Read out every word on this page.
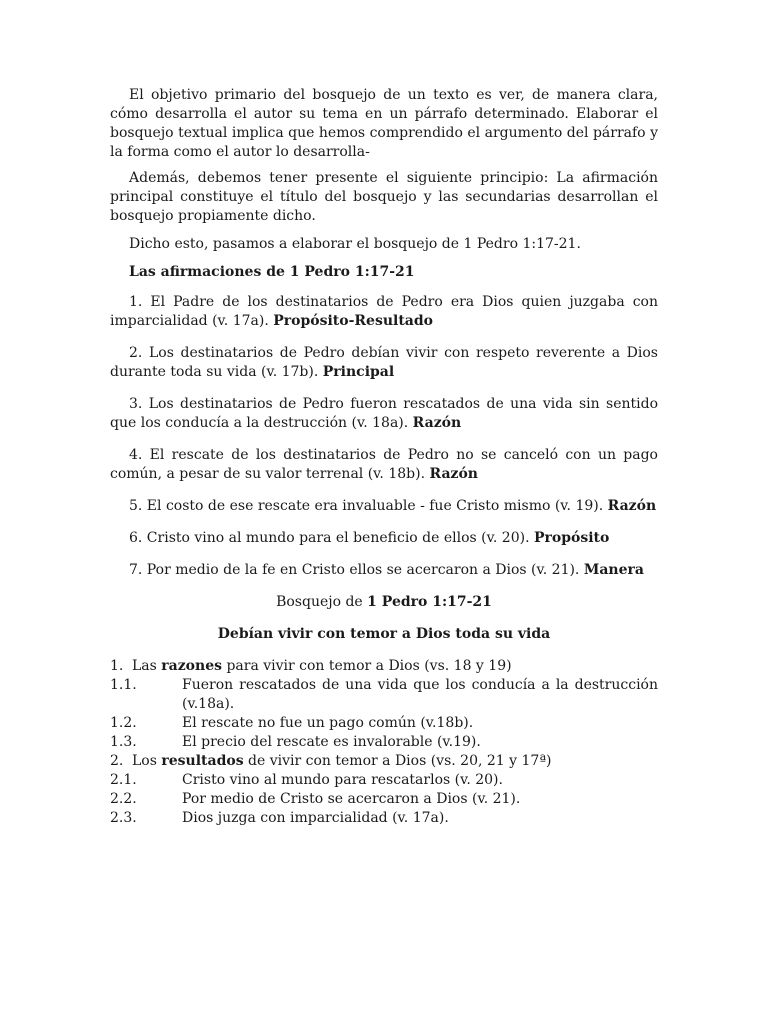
El objetivo primario del bosquejo de un texto es ver, de manera clara, cómo desarrolla el autor su tema en un párrafo determinado. Elaborar el bosquejo textual implica que hemos comprendido el argumento del párrafo y la forma como el autor lo desarrolla-

Además, debemos tener presente el siguiente principio: La afirmación principal constituye el título del bosquejo y las secundarias desarrollan el bosquejo propiamente dicho.

Dicho esto, pasamos a elaborar el bosquejo de 1 Pedro 1:17-21.

Las afirmaciones de 1 Pedro 1:17-21

1. El Padre de los destinatarios de Pedro era Dios quien juzgaba con imparcialidad (v. 17a). Propósito-Resultado

2. Los destinatarios de Pedro debían vivir con respeto reverente a Dios durante toda su vida (v. 17b). Principal

3. Los destinatarios de Pedro fueron rescatados de una vida sin sentido que los conducía a la destrucción (v. 18a). Razón

4. El rescate de los destinatarios de Pedro no se canceló con un pago común, a pesar de su valor terrenal (v. 18b). Razón

5. El costo de ese rescate era invaluable - fue Cristo mismo (v. 19). Razón

6. Cristo vino al mundo para el beneficio de ellos (v. 20). Propósito

7. Por medio de la fe en Cristo ellos se acercaron a Dios (v. 21). Manera

Bosquejo de 1 Pedro 1:17-21

Debían vivir con temor a Dios toda su vida

1. Las razones para vivir con temor a Dios (vs. 18 y 19)
1.1.	Fueron rescatados de una vida que los conducía a la destrucción (v.18a).
1.2.	El rescate no fue un pago común (v.18b).
1.3.	El precio del rescate es invalorable (v.19).
2. Los resultados de vivir con temor a Dios (vs. 20, 21 y 17ª)
2.1.	Cristo vino al mundo para rescatarlos (v. 20).
2.2.	Por medio de Cristo se acercaron a Dios (v. 21).
2.3.	Dios juzga con imparcialidad (v. 17a).
